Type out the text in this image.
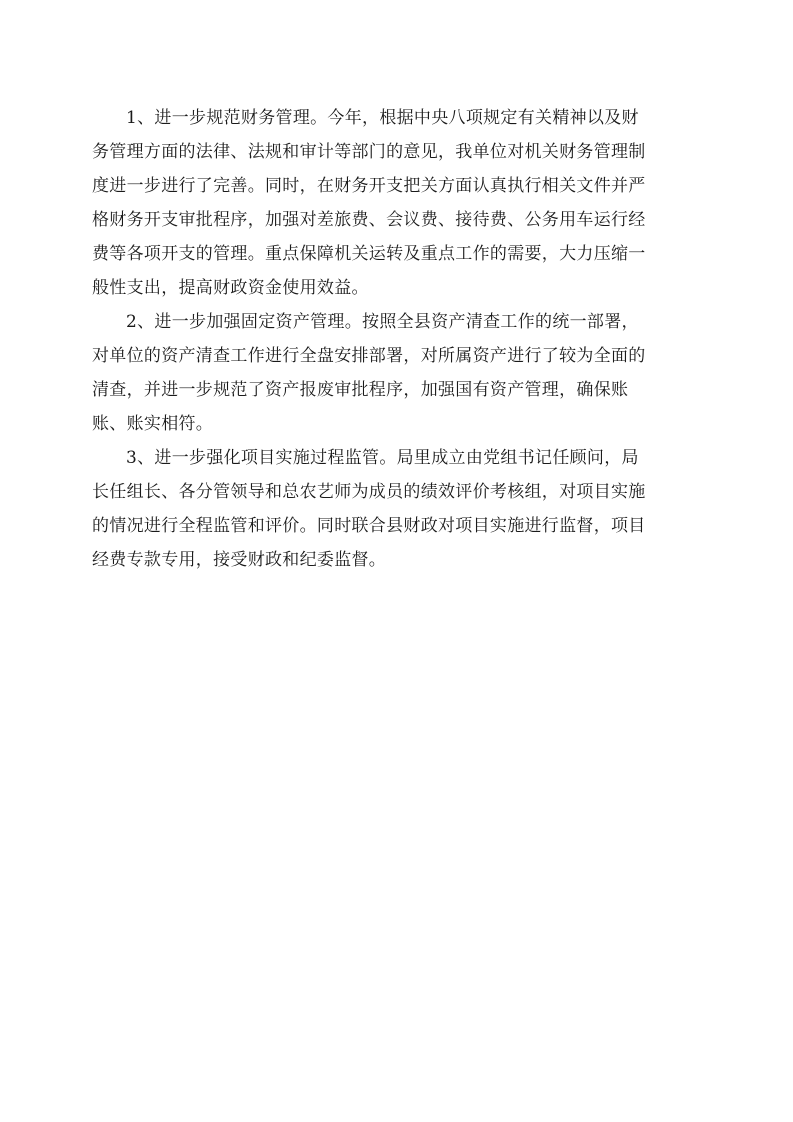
1、进一步规范财务管理。今年，根据中央八项规定有关精神以及财
务管理方面的法律、法规和审计等部门的意见，我单位对机关财务管理制
度进一步进行了完善。同时，在财务开支把关方面认真执行相关文件并严
格财务开支审批程序，加强对差旅费、会议费、接待费、公务用车运行经
费等各项开支的管理。重点保障机关运转及重点工作的需要，大力压缩一
般性支出，提高财政资金使用效益。

2、进一步加强固定资产管理。按照全县资产清查工作的统一部署，
对单位的资产清查工作进行全盘安排部署，对所属资产进行了较为全面的
清查，并进一步规范了资产报废审批程序，加强国有资产管理，确保账
账、账实相符。

3、进一步强化项目实施过程监管。局里成立由党组书记任顾问，局
长任组长、各分管领导和总农艺师为成员的绩效评价考核组，对项目实施
的情况进行全程监管和评价。同时联合县财政对项目实施进行监督，项目
经费专款专用，接受财政和纪委监督。
